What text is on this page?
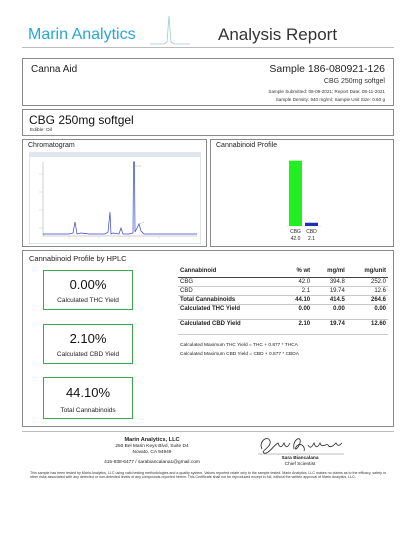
Marin Analytics	Analysis Report
Canna Aid	Sample 186-080921-126
CBG 250mg softgel
Sample Submitted: 08-09-2021; Report Date: 08-11-2021
Sample Density: 940 mg/ml; Sample Unit Size: 0.60 g
CBG 250mg softgel
Edible: Oil
Chromatogram	Cannabinoid Profile
CBG
42.0
CBD
2.1
Cannabinoid Profile by HPLC
0.00%
Calculated THC Yield
2.10%
Calculated CBD Yield
44.10%
Total Cannabinoids
Cannabinoid	% wt	mg/ml	mg/unit
CBG	42.0	394.8	252.0
CBD	2.1	19.74	12.6
Total Cannabinoids	44.10	414.5	264.6
Calculated THC Yield	0.00	0.00	0.00
Calculated CBD Yield	2.10	19.74	12.60
Calculated Maximum THC Yield = THC + 0.877 * THCA
Calculated Maximum CBD Yield = CBD + 0.877 * CBDA
Marin Analytics, LLC
250 Bel Marin Keys Blvd, Suite D4
Novato, CA 94949
415-938-6477 / sarabiancalana1@gmail.com
Sara Biancalana
Chief Scientist
This sample has been tested by Marin Analytics, LLC using valid testing methodologies and a quality system. Values reported relate only to the sample tested. Marin Analytics, LLC makes no claims as to the efficacy, safety or other risks associated with any detected or non-detected levels of any compounds reported herein. This Certificate shall not be reproduced except in full, without the written approval of Marin Analytics, LLC.
